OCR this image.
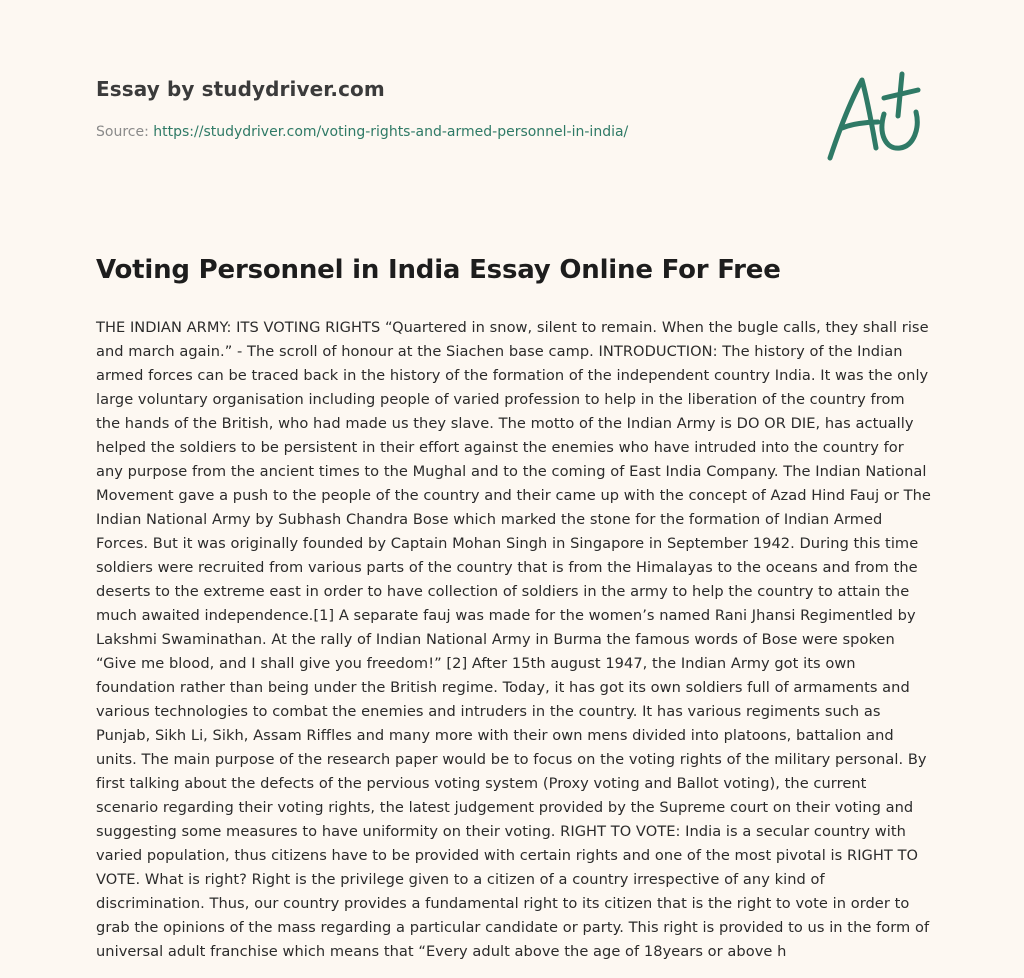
Essay by studydriver.com
Source: https://studydriver.com/voting-rights-and-armed-personnel-in-india/
Voting Personnel in India Essay Online For Free

THE INDIAN ARMY: ITS VOTING RIGHTS “Quartered in snow, silent to remain. When the bugle calls, they shall rise and march again.” - The scroll of honour at the Siachen base camp. INTRODUCTION: The history of the Indian armed forces can be traced back in the history of the formation of the independent country India. It was the only large voluntary organisation including people of varied profession to help in the liberation of the country from the hands of the British, who had made us they slave. The motto of the Indian Army is DO OR DIE, has actually helped the soldiers to be persistent in their effort against the enemies who have intruded into the country for any purpose from the ancient times to the Mughal and to the coming of East India Company. The Indian National Movement gave a push to the people of the country and their came up with the concept of Azad Hind Fauj or The Indian National Army by Subhash Chandra Bose which marked the stone for the formation of Indian Armed Forces. But it was originally founded by Captain Mohan Singh in Singapore in September 1942. During this time soldiers were recruited from various parts of the country that is from the Himalayas to the oceans and from the deserts to the extreme east in order to have collection of soldiers in the army to help the country to attain the much awaited independence.[1] A separate fauj was made for the women’s named Rani Jhansi Regimentled by Lakshmi Swaminathan. At the rally of Indian National Army in Burma the famous words of Bose were spoken “Give me blood, and I shall give you freedom!” [2] After 15th august 1947, the Indian Army got its own foundation rather than being under the British regime. Today, it has got its own soldiers full of armaments and various technologies to combat the enemies and intruders in the country. It has various regiments such as Punjab, Sikh Li, Sikh, Assam Riffles and many more with their own mens divided into platoons, battalion and units. The main purpose of the research paper would be to focus on the voting rights of the military personal. By first talking about the defects of the pervious voting system (Proxy voting and Ballot voting), the current scenario regarding their voting rights, the latest judgement provided by the Supreme court on their voting and suggesting some measures to have uniformity on their voting. RIGHT TO VOTE: India is a secular country with varied population, thus citizens have to be provided with certain rights and one of the most pivotal is RIGHT TO VOTE. What is right? Right is the privilege given to a citizen of a country irrespective of any kind of discrimination. Thus, our country provides a fundamental right to its citizen that is the right to vote in order to grab the opinions of the mass regarding a particular candidate or party. This right is provided to us in the form of universal adult franchise which means that “Every adult above the age of 18years or above h
